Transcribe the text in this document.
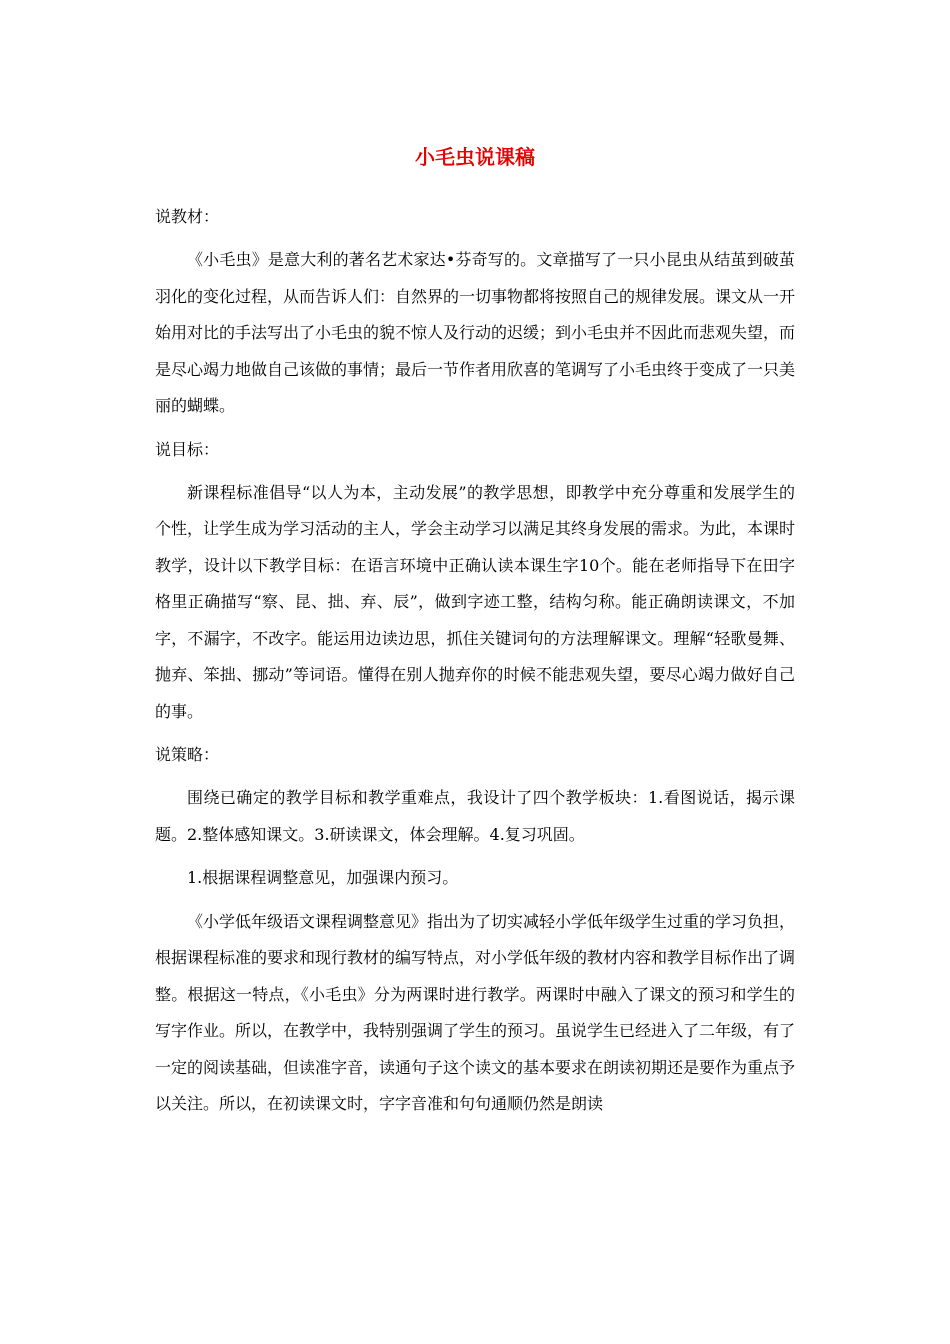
小毛虫说课稿
说教材：

《小毛虫》是意大利的著名艺术家达•芬奇写的。文章描写了一只小昆虫从结茧到破茧羽化的变化过程，从而告诉人们：自然界的一切事物都将按照自己的规律发展。课文从一开始用对比的手法写出了小毛虫的貌不惊人及行动的迟缓；到小毛虫并不因此而悲观失望，而是尽心竭力地做自己该做的事情；最后一节作者用欣喜的笔调写了小毛虫终于变成了一只美丽的蝴蝶。

说目标：

新课程标准倡导“以人为本，主动发展”的教学思想，即教学中充分尊重和发展学生的个性，让学生成为学习活动的主人，学会主动学习以满足其终身发展的需求。为此，本课时教学，设计以下教学目标：在语言环境中正确认读本课生字10个。能在老师指导下在田字格里正确描写“察、昆、拙、弃、辰”，做到字迹工整，结构匀称。能正确朗读课文，不加字，不漏字，不改字。能运用边读边思，抓住关键词句的方法理解课文。理解“轻歌曼舞、抛弃、笨拙、挪动”等词语。懂得在别人抛弃你的时候不能悲观失望，要尽心竭力做好自己的事。

说策略：

围绕已确定的教学目标和教学重难点，我设计了四个教学板块：1.看图说话，揭示课题。2.整体感知课文。3.研读课文，体会理解。4.复习巩固。

1.根据课程调整意见，加强课内预习。

《小学低年级语文课程调整意见》指出为了切实减轻小学低年级学生过重的学习负担，根据课程标准的要求和现行教材的编写特点，对小学低年级的教材内容和教学目标作出了调整。根据这一特点，《小毛虫》分为两课时进行教学。两课时中融入了课文的预习和学生的写字作业。所以，在教学中，我特别强调了学生的预习。虽说学生已经进入了二年级，有了一定的阅读基础，但读准字音，读通句子这个读文的基本要求在朗读初期还是要作为重点予以关注。所以，在初读课文时，字字音准和句句通顺仍然是朗读
